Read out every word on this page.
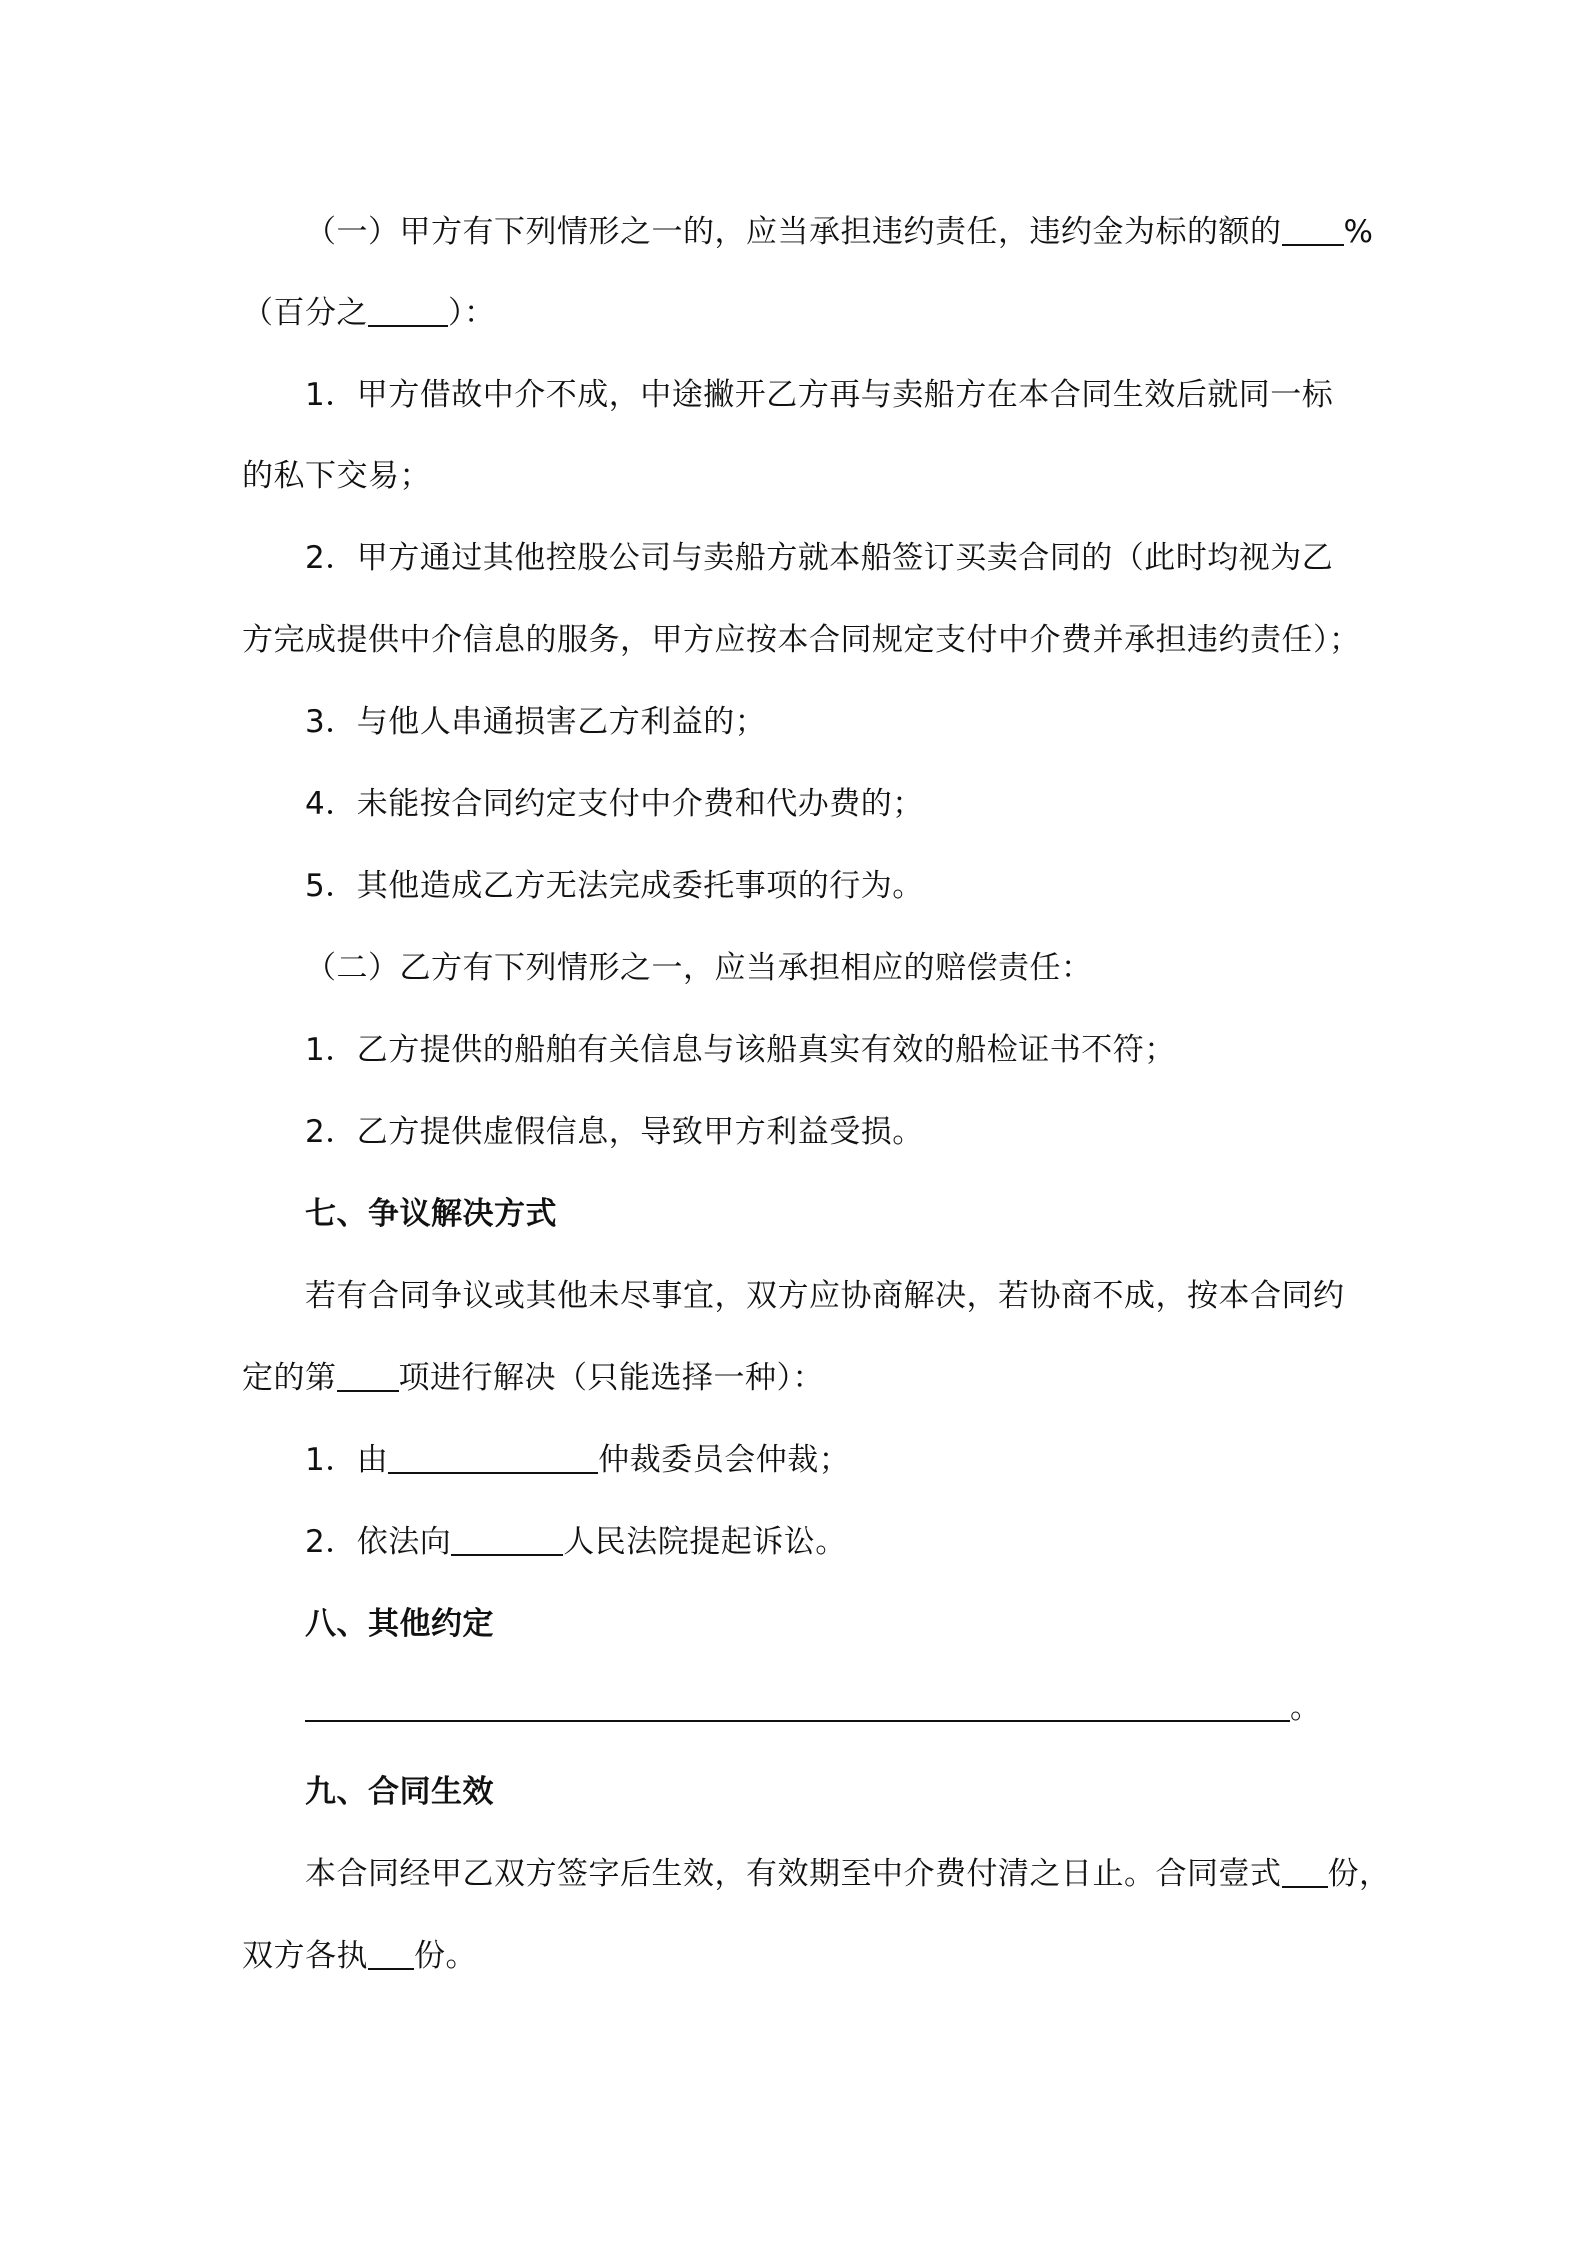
（一）甲方有下列情形之一的，应当承担违约责任，违约金为标的额的 %
（百分之	）：
1．甲方借故中介不成，中途撇开乙方再与卖船方在本合同生效后就同一标
的私下交易；
2．甲方通过其他控股公司与卖船方就本船签订买卖合同的（此时均视为乙
方完成提供中介信息的服务，甲方应按本合同规定支付中介费并承担违约责任）；
3．与他人串通损害乙方利益的；
4．未能按合同约定支付中介费和代办费的；
5．其他造成乙方无法完成委托事项的行为。
（二）乙方有下列情形之一，应当承担相应的赔偿责任：
1．乙方提供的船舶有关信息与该船真实有效的船检证书不符；
2．乙方提供虚假信息，导致甲方利益受损。
七、争议解决方式
若有合同争议或其他未尽事宜，双方应协商解决，若协商不成，按本合同约
定的第 项进行解决（只能选择一种）：
1．由	仲裁委员会仲裁；
2．依法向	人民法院提起诉讼。
八、其他约定
。
九、合同生效
本合同经甲乙双方签字后生效，有效期至中介费付清之日止。合同壹式 份，
双方各执 份。
